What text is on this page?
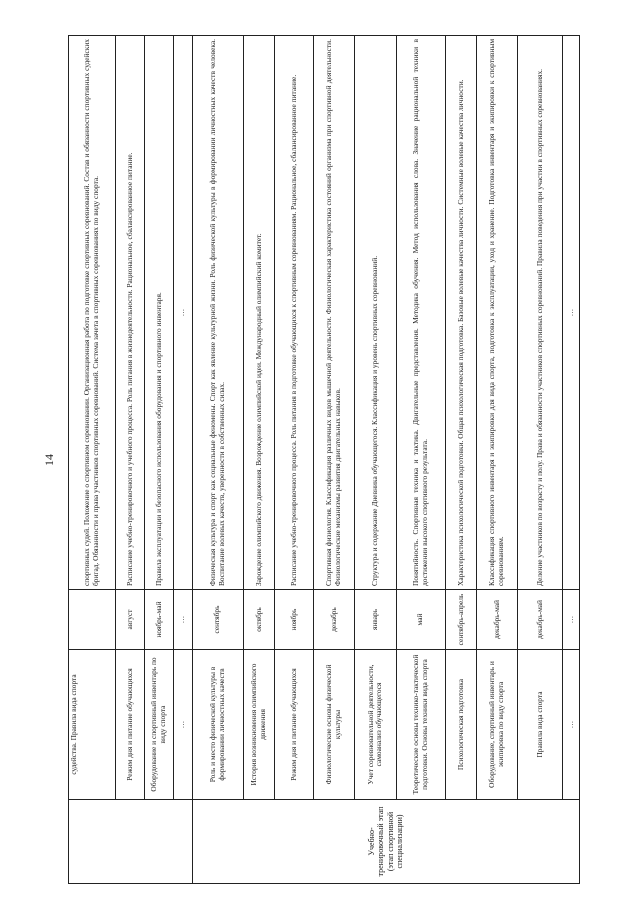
14
	судейства. Правила вида спорта		спортивных судей. Положение о спортивном соревновании. Организационная работа по подготовке спортивных соревнований. Состав и обязанности спортивных судейских бригад. Обязанности и права участников спортивных соревнований. Система зачета в спортивных соревнованиях по виду спорта.
	Режим дня и питание обучающихся	август	Расписание учебно-тренировочного и учебного процесса. Роль питания в жизнедеятельности. Рациональное, сбалансированное питание.
	Оборудование и спортивный инвентарь по виду спорта	ноябрь-май	Правила эксплуатации и безопасного использования оборудования и спортивного инвентаря.
	…	…	…
Учебно-тренировочный этап (этап спортивной специализации)	Роль и место физической культуры в формировании личностных качеств	сентябрь	Физическая культура и спорт как социальные феномены. Спорт как явление культурной жизни. Роль физической культуры в формировании личностных качеств человека. Воспитание волевых качеств, уверенности в собственных силах.
	История возникновения олимпийского движения	октябрь	Зарождение олимпийского движения. Возрождение олимпийской идеи. Международный олимпийский комитет.
	Режим дня и питание обучающихся	ноябрь	Расписание учебно-тренировочного процесса. Роль питания в подготовке обучающихся к спортивным соревнованиям. Рациональное, сбалансированное питание.
	Физиологические основы физической культуры	декабрь	Спортивная физиология. Классификация различных видов мышечной деятельности. Физиологическая характеристика состояний организма при спортивной деятельности. Физиологические механизмы развития двигательных навыков.
	Учет соревновательной деятельности, самоанализ обучающегося	январь	Структура и содержание Дневника обучающегося. Классификация и уровень спортивных соревнований.
	Теоретические основы технико-тактической подготовки. Основы техники вида спорта	май	Понятийность. Спортивная техника и тактика. Двигательные представления. Методика обучения. Метод использования слова. Значение рациональной техники в достижении высокого спортивного результата.
	Психологическая подготовка	сентябрь-апрель	Характеристика психологической подготовки. Общая психологическая подготовка. Базовые волевые качества личности. Системные волевые качества личности.
	Оборудование, спортивный инвентарь и экипировка по виду спорта	декабрь-май	Классификация спортивного инвентаря и экипировки для вида спорта, подготовка к эксплуатации, уход и хранение. Подготовка инвентаря и экипировки к спортивным соревнованиям.
	Правила вида спорта	декабрь-май	Деление участников по возрасту и полу. Права и обязанности участников спортивных соревнований. Правила поведения при участии в спортивных соревнованиях.
	…	…	…
